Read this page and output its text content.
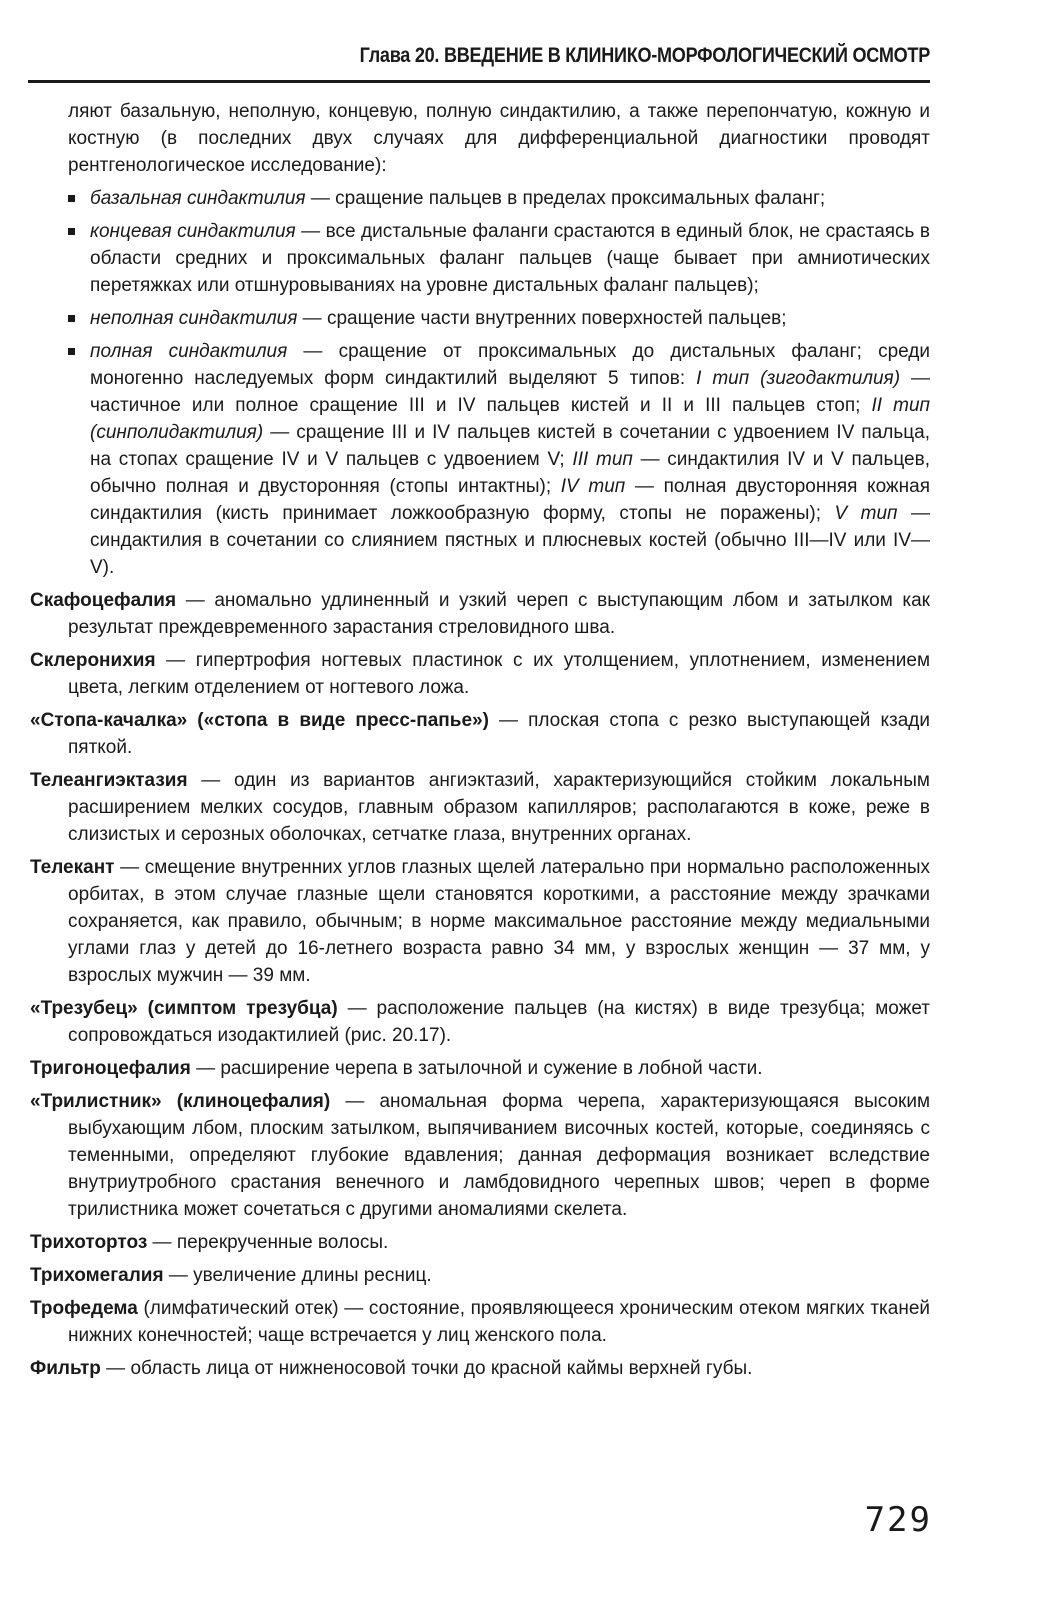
Глава 20. ВВЕДЕНИЕ В КЛИНИКО-МОРФОЛОГИЧЕСКИЙ ОСМОТР

ляют базальную, неполную, концевую, полную синдактилию, а также перепончатую, кожную и костную (в последних двух случаях для дифференциальной диагностики проводят рентгенологическое исследование):

базальная синдактилия — сращение пальцев в пределах проксимальных фаланг;
концевая синдактилия — все дистальные фаланги срастаются в единый блок, не срастаясь в области средних и проксимальных фаланг пальцев (чаще бывает при амниотических перетяжках или отшнуровываниях на уровне дистальных фаланг пальцев);
неполная синдактилия — сращение части внутренних поверхностей пальцев;
полная синдактилия — сращение от проксимальных до дистальных фаланг; среди моногенно наследуемых форм синдактилий выделяют 5 типов: I тип (зигодактилия) — частичное или полное сращение III и IV пальцев кистей и II и III пальцев стоп; II тип (синполидактилия) — сращение III и IV пальцев кистей в сочетании с удвоением IV пальца, на стопах сращение IV и V пальцев с удвоением V; III тип — синдактилия IV и V пальцев, обычно полная и двусторонняя (стопы интактны); IV тип — полная двусторонняя кожная синдактилия (кисть принимает ложкообразную форму, стопы не поражены); V тип — синдактилия в сочетании со слиянием пястных и плюсневых костей (обычно III—IV или IV—V).

Скафоцефалия — аномально удлиненный и узкий череп с выступающим лбом и затылком как результат преждевременного зарастания стреловидного шва.

Склеронихия — гипертрофия ногтевых пластинок с их утолщением, уплотнением, изменением цвета, легким отделением от ногтевого ложа.

«Стопа-качалка» («стопа в виде пресс-папье») — плоская стопа с резко выступающей кзади пяткой.

Телеангиэктазия — один из вариантов ангиэктазий, характеризующийся стойким локальным расширением мелких сосудов, главным образом капилляров; располагаются в коже, реже в слизистых и серозных оболочках, сетчатке глаза, внутренних органах.

Телекант — смещение внутренних углов глазных щелей латерально при нормально расположенных орбитах, в этом случае глазные щели становятся короткими, а расстояние между зрачками сохраняется, как правило, обычным; в норме максимальное расстояние между медиальными углами глаз у детей до 16-летнего возраста равно 34 мм, у взрослых женщин — 37 мм, у взрослых мужчин — 39 мм.

«Трезубец» (симптом трезубца) — расположение пальцев (на кистях) в виде трезубца; может сопровождаться изодактилией (рис. 20.17).

Тригоноцефалия — расширение черепа в затылочной и сужение в лобной части.

«Трилистник» (клиноцефалия) — аномальная форма черепа, характеризующаяся высоким выбухающим лбом, плоским затылком, выпячиванием височных костей, которые, соединяясь с теменными, определяют глубокие вдавления; данная деформация возникает вследствие внутриутробного срастания венечного и ламбдовидного черепных швов; череп в форме трилистника может сочетаться с другими аномалиями скелета.

Трихотортоз — перекрученные волосы.

Трихомегалия — увеличение длины ресниц.

Трофедема (лимфатический отек) — состояние, проявляющееся хроническим отеком мягких тканей нижних конечностей; чаще встречается у лиц женского пола.

Фильтр — область лица от нижненосовой точки до красной каймы верхней губы.

729
